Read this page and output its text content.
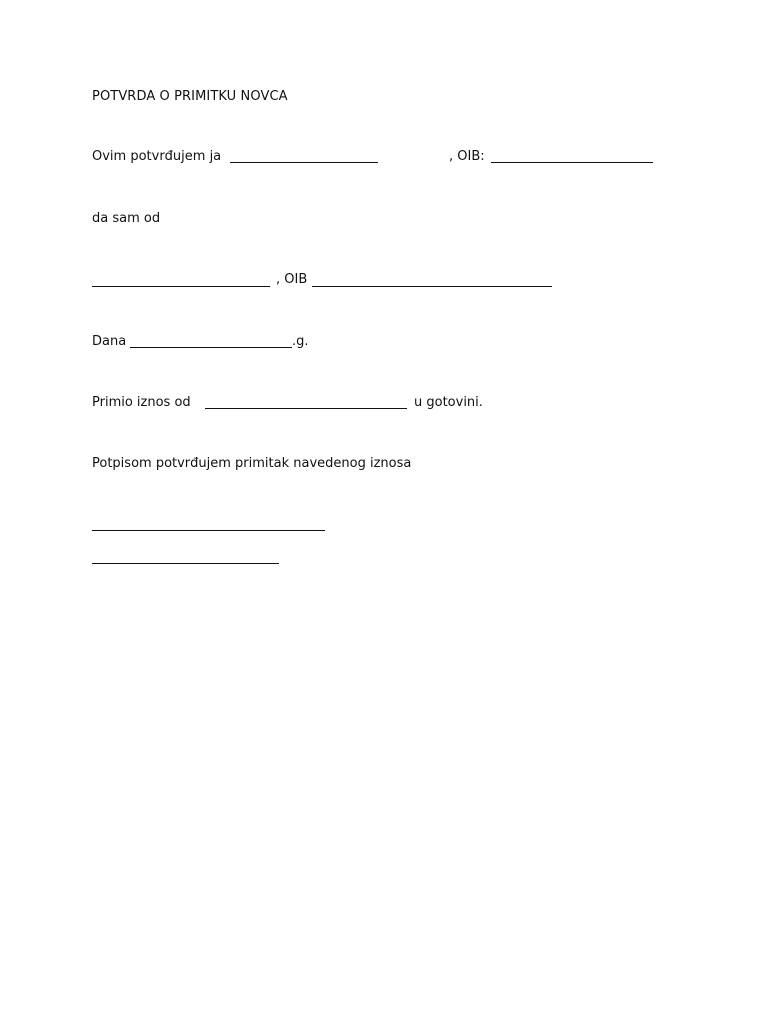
POTVRDA O PRIMITKU NOVCA
Ovim potvrđujem ja	, OIB:
da sam od
, OIB
Dana	.g.
Primio iznos od	u gotovini.
Potpisom potvrđujem primitak navedenog iznosa
